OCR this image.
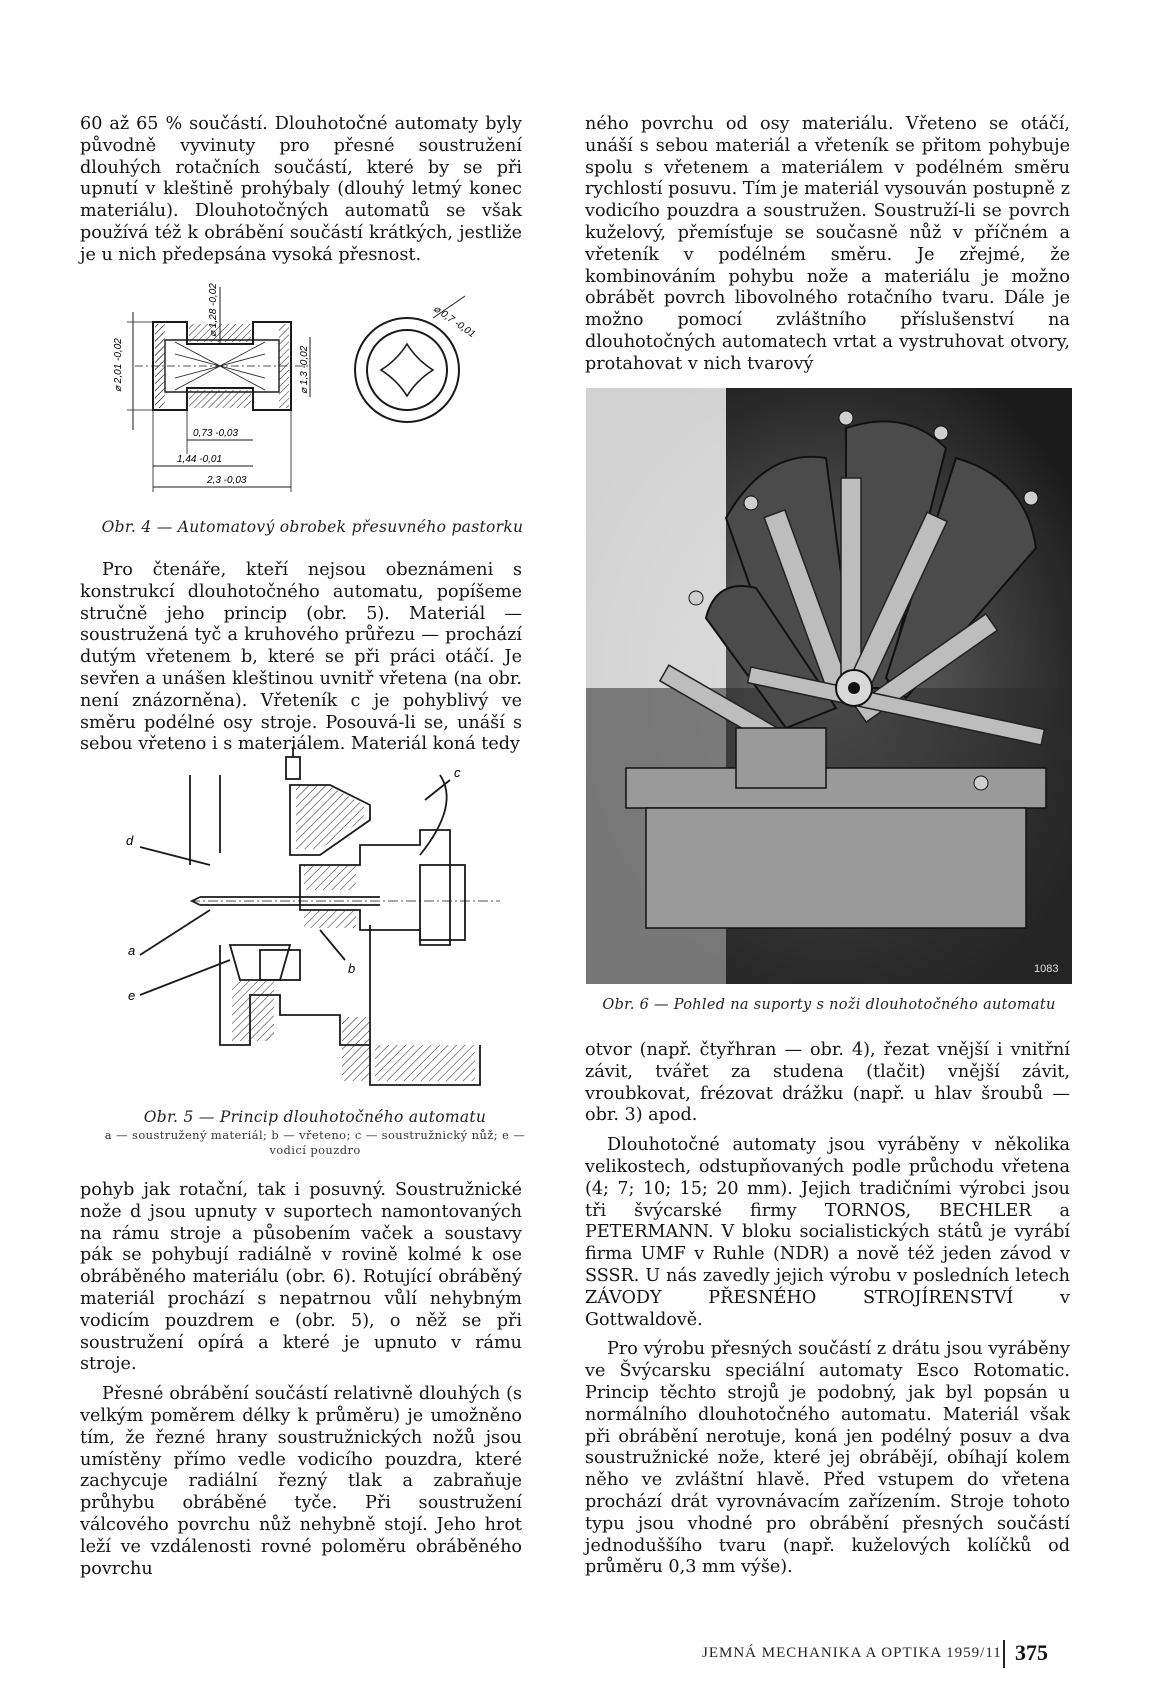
60 až 65 % součástí. Dlouhotočné automaty byly původně vyvinuty pro přesné soustružení dlouhých rotačních součástí, které by se při upnutí v kleštině prohýbaly (dlouhý letmý konec materiálu). Dlouhotočných automatů se však používá též k obrábění součástí krátkých, jestliže je u nich předepsána vysoká přesnost.

⌀ 2,01 -0,02
⌀ 1,28 -0,02
⌀ 1,3 -0,02
0,73 -0,03
1,44 -0,01
2,3 -0,03
⌀ 0,7 -0,01
Obr. 4 — Automatový obrobek přesuvného pastorku

Pro čtenáře, kteří nejsou obeznámeni s konstrukcí dlouhotočného automatu, popíšeme stručně jeho princip (obr. 5). Materiál — soustružená tyč a kruhového průřezu — prochází dutým vřetenem b, které se při práci otáčí. Je sevřen a unášen kleštinou uvnitř vřetena (na obr. není znázorněna). Vřeteník c je pohyblivý ve směru podélné osy stroje. Posouvá-li se, unáší s sebou vřeteno i s materiálem. Materiál koná tedy

d
a
e
c
b
Obr. 5 — Princip dlouhotočného automatu
a — soustružený materiál; b — vřeteno; c — soustružnický nůž; e — vodicí pouzdro

pohyb jak rotační, tak i posuvný. Soustružnické nože d jsou upnuty v suportech namontovaných na rámu stroje a působením vaček a soustavy pák se pohybují radiálně v rovině kolmé k ose obráběného materiálu (obr. 6). Rotující obráběný materiál prochází s nepatrnou vůlí nehybným vodicím pouzdrem e (obr. 5), o něž se při soustružení opírá a které je upnuto v rámu stroje.

Přesné obrábění součástí relativně dlouhých (s velkým poměrem délky k průměru) je umožněno tím, že řezné hrany soustružnických nožů jsou umístěny přímo vedle vodicího pouzdra, které zachycuje radiální řezný tlak a zabraňuje průhybu obráběné tyče. Při soustružení válcového povrchu nůž nehybně stojí. Jeho hrot leží ve vzdálenosti rovné poloměru obráběného povrchu

ného povrchu od osy materiálu. Vřeteno se otáčí, unáší s sebou materiál a vřeteník se přitom pohybuje spolu s vřetenem a materiálem v podélném směru rychlostí posuvu. Tím je materiál vysouván postupně z vodicího pouzdra a soustružen. Soustruží-li se povrch kuželový, přemísťuje se současně nůž v příčném a vřeteník v podélném směru. Je zřejmé, že kombinováním pohybu nože a materiálu je možno obrábět povrch libovolného rotačního tvaru. Dále je možno pomocí zvláštního příslušenství na dlouhotočných automatech vrtat a vystruhovat otvory, protahovat v nich tvarový

1083
Obr. 6 — Pohled na suporty s noži dlouhotočného automatu

otvor (např. čtyřhran — obr. 4), řezat vnější i vnitřní závit, tvářet za studena (tlačit) vnější závit, vroubkovat, frézovat drážku (např. u hlav šroubů — obr. 3) apod.

Dlouhotočné automaty jsou vyráběny v několika velikostech, odstupňovaných podle průchodu vřetena (4; 7; 10; 15; 20 mm). Jejich tradičními výrobci jsou tři švýcarské firmy TORNOS, BECHLER a PETERMANN. V bloku socialistických států je vyrábí firma UMF v Ruhle (NDR) a nově též jeden závod v SSSR. U nás zavedly jejich výrobu v posledních letech ZÁVODY PŘESNÉHO STROJÍRENSTVÍ v Gottwaldově.

Pro výrobu přesných součástí z drátu jsou vyráběny ve Švýcarsku speciální automaty Esco Rotomatic. Princip těchto strojů je podobný, jak byl popsán u normálního dlouhotočného automatu. Materiál však při obrábění nerotuje, koná jen podélný posuv a dva soustružnické nože, které jej obrábějí, obíhají kolem něho ve zvláštní hlavě. Před vstupem do vřetena prochází drát vyrovnávacím zařízením. Stroje tohoto typu jsou vhodné pro obrábění přesných součástí jednoduššího tvaru (např. kuželových kolíčků od průměru 0,3 mm výše).

JEMNÁ MECHANIKA A OPTIKA 1959/11 375
